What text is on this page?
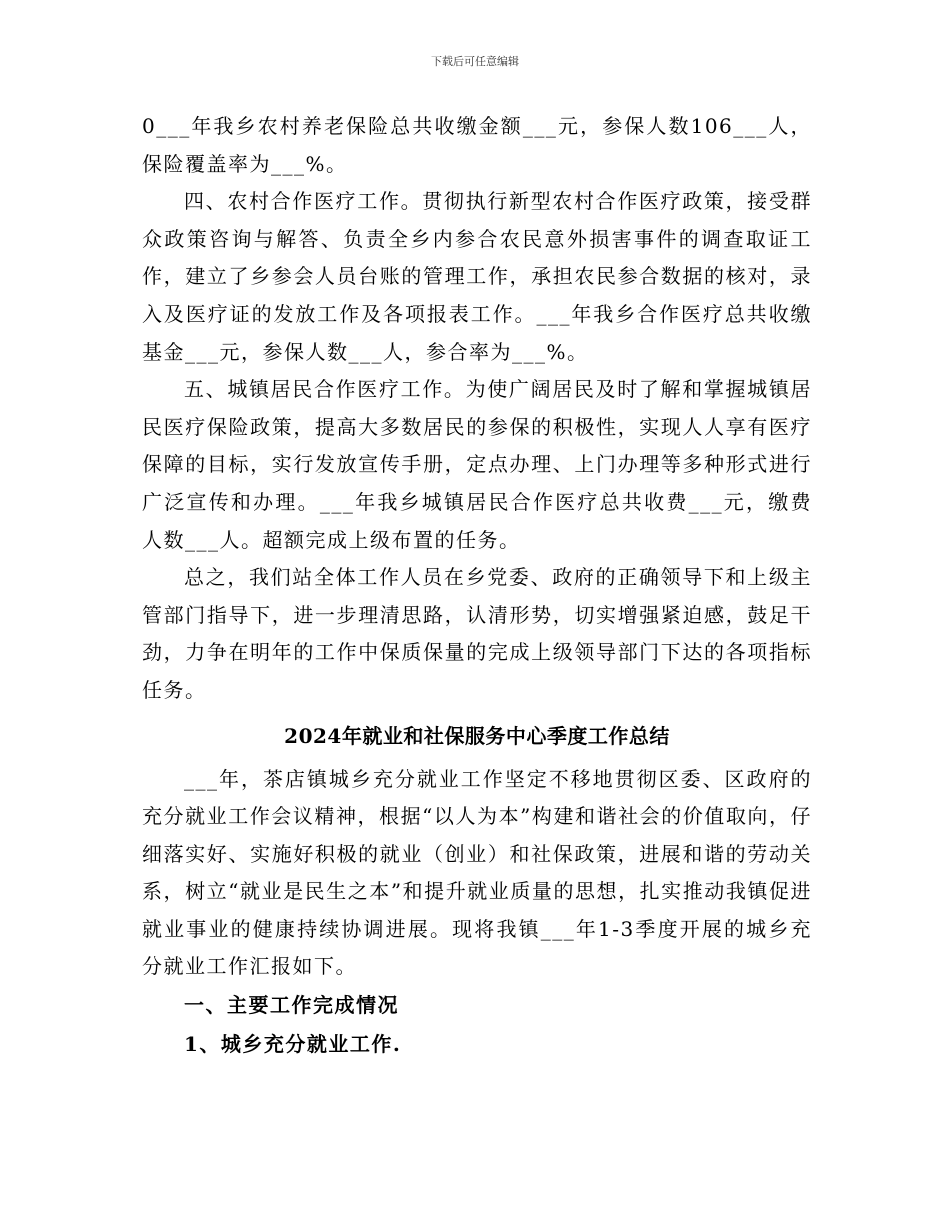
下载后可任意编辑

0___年我乡农村养老保险总共收缴金额___元，参保人数106___人，保险覆盖率为___%。

四、农村合作医疗工作。贯彻执行新型农村合作医疗政策，接受群众政策咨询与解答、负责全乡内参合农民意外损害事件的调查取证工作，建立了乡参会人员台账的管理工作，承担农民参合数据的核对，录入及医疗证的发放工作及各项报表工作。___年我乡合作医疗总共收缴基金___元，参保人数___人，参合率为___%。

五、城镇居民合作医疗工作。为使广阔居民及时了解和掌握城镇居民医疗保险政策，提高大多数居民的参保的积极性，实现人人享有医疗保障的目标，实行发放宣传手册，定点办理、上门办理等多种形式进行广泛宣传和办理。___年我乡城镇居民合作医疗总共收费___元，缴费人数___人。超额完成上级布置的任务。

总之，我们站全体工作人员在乡党委、政府的正确领导下和上级主管部门指导下，进一步理清思路，认清形势，切实增强紧迫感，鼓足干劲，力争在明年的工作中保质保量的完成上级领导部门下达的各项指标任务。

2024年就业和社保服务中心季度工作总结

___年，茶店镇城乡充分就业工作坚定不移地贯彻区委、区政府的充分就业工作会议精神，根据“以人为本”构建和谐社会的价值取向，仔细落实好、实施好积极的就业（创业）和社保政策，进展和谐的劳动关系，树立“就业是民生之本”和提升就业质量的思想，扎实推动我镇促进就业事业的健康持续协调进展。现将我镇___年1-3季度开展的城乡充分就业工作汇报如下。

一、主要工作完成情况

1、城乡充分就业工作.
